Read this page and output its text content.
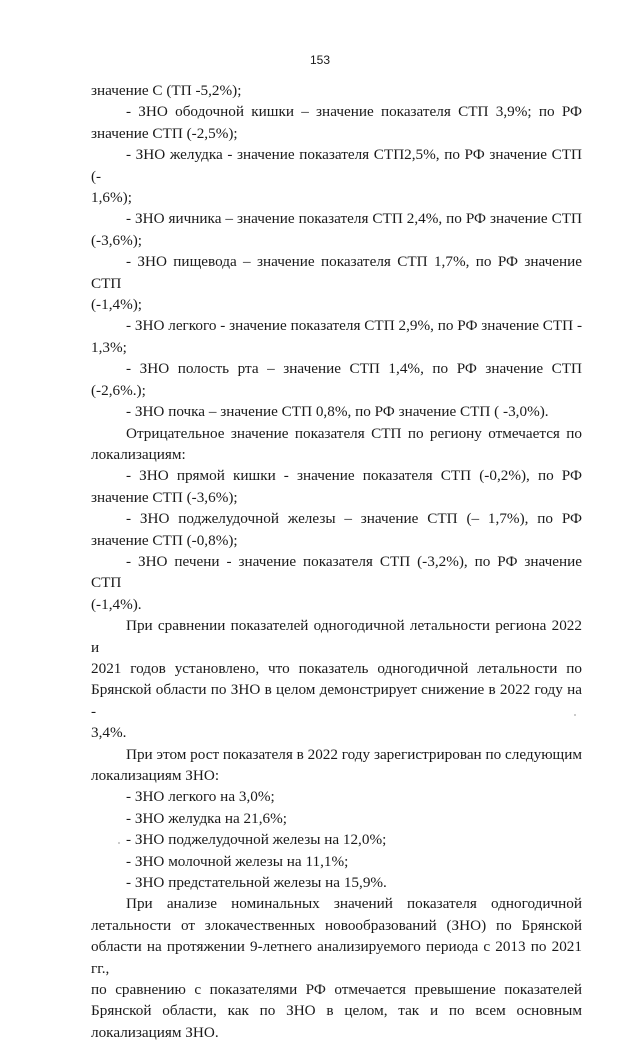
153
значение С (ТП -5,2%);
- ЗНО ободочной кишки – значение показателя СТП 3,9%; по РФ
значение СТП (-2,5%);
- ЗНО желудка - значение показателя СТП2,5%, по РФ значение СТП (-
1,6%);
- ЗНО яичника – значение показателя СТП 2,4%, по РФ значение СТП
(-3,6%);
- ЗНО пищевода – значение показателя СТП 1,7%, по РФ значение СТП
(-1,4%);
- ЗНО легкого - значение показателя СТП 2,9%, по РФ значение СТП -
1,3%;
- ЗНО полость рта – значение СТП 1,4%, по РФ значение СТП (-2,6%.);
- ЗНО почка – значение СТП 0,8%, по РФ значение СТП ( -3,0%).
Отрицательное значение показателя СТП по региону отмечается по
локализациям:
- ЗНО прямой кишки - значение показателя СТП (-0,2%), по РФ
значение СТП (-3,6%);
- ЗНО поджелудочной железы – значение СТП (– 1,7%), по РФ
значение СТП (-0,8%);
- ЗНО печени - значение показателя СТП (-3,2%), по РФ значение СТП
(-1,4%).
При сравнении показателей одногодичной летальности региона 2022 и
2021 годов установлено, что показатель одногодичной летальности по
Брянской области по ЗНО в целом демонстрирует снижение в 2022 году на -
3,4%.
При этом рост показателя в 2022 году зарегистрирован по следующим
локализациям ЗНО:
- ЗНО легкого на 3,0%;
- ЗНО желудка на 21,6%;
- ЗНО поджелудочной железы на 12,0%;
- ЗНО молочной железы на 11,1%;
- ЗНО предстательной железы на 15,9%.
При анализе номинальных значений показателя одногодичной
летальности от злокачественных новообразований (ЗНО) по Брянской
области на протяжении 9-летнего анализируемого периода с 2013 по 2021 гг.,
по сравнению с показателями РФ отмечается превышение показателей
Брянской области, как по ЗНО в целом, так и по всем основным
локализациям ЗНО.
